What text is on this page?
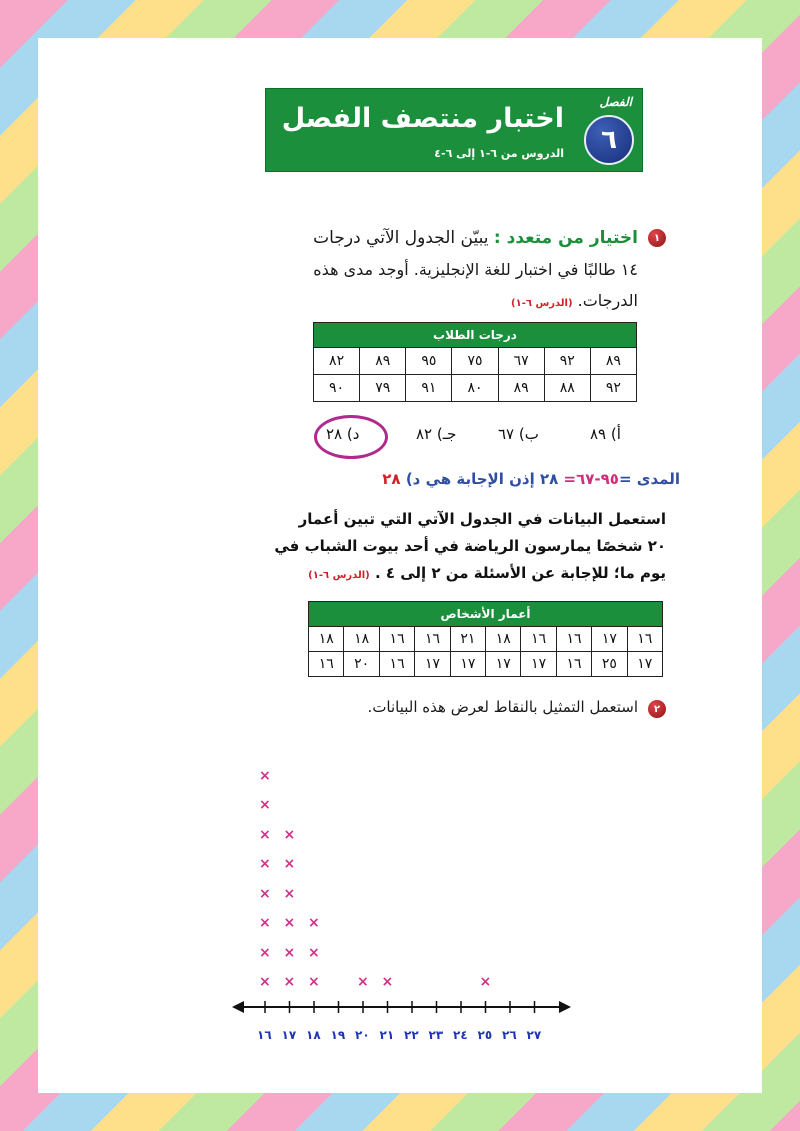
الفصل
٦
اختبار منتصف الفصل
الدروس من ٦-١ إلى ٦-٤
١
اختيار من متعدد : يبيّن الجدول الآتي درجات
١٤ طالبًا في اختبار للغة الإنجليزية. أوجد مدى هذه
الدرجات. (الدرس ٦-١)
درجات الطلاب						
٨٩	٩٢	٦٧	٧٥	٩٥	٨٩	٨٢
٩٢	٨٨	٨٩	٨٠	٩١	٧٩	٩٠
أ) ٨٩
ب) ٦٧
جـ) ٨٢
د) ٢٨
المدى =٩٥-٦٧= ٢٨ إذن الإجابة هي د) ٢٨
استعمل البيانات في الجدول الآتي التي تبين أعمار
٢٠ شخصًا يمارسون الرياضة في أحد بيوت الشباب في
يوم ما؛ للإجابة عن الأسئلة من ٢ إلى ٤ . (الدرس ٦-١)
أعمار الأشخاص									
١٦	١٧	١٦	١٦	١٨	٢١	١٦	١٦	١٨	١٨
١٧	٢٥	١٦	١٧	١٧	١٧	١٧	١٦	٢٠	١٦
٢
استعمل التمثيل بالنقاط لعرض هذه البيانات.
١٦
×
×
×
×
×
×
×
×
١٧
×
×
×
×
×
×
١٨
×
×
×
١٩ ٢٠
×
٢١
×
٢٢ ٢٣ ٢٤ ٢٥
×
٢٦ ٢٧
